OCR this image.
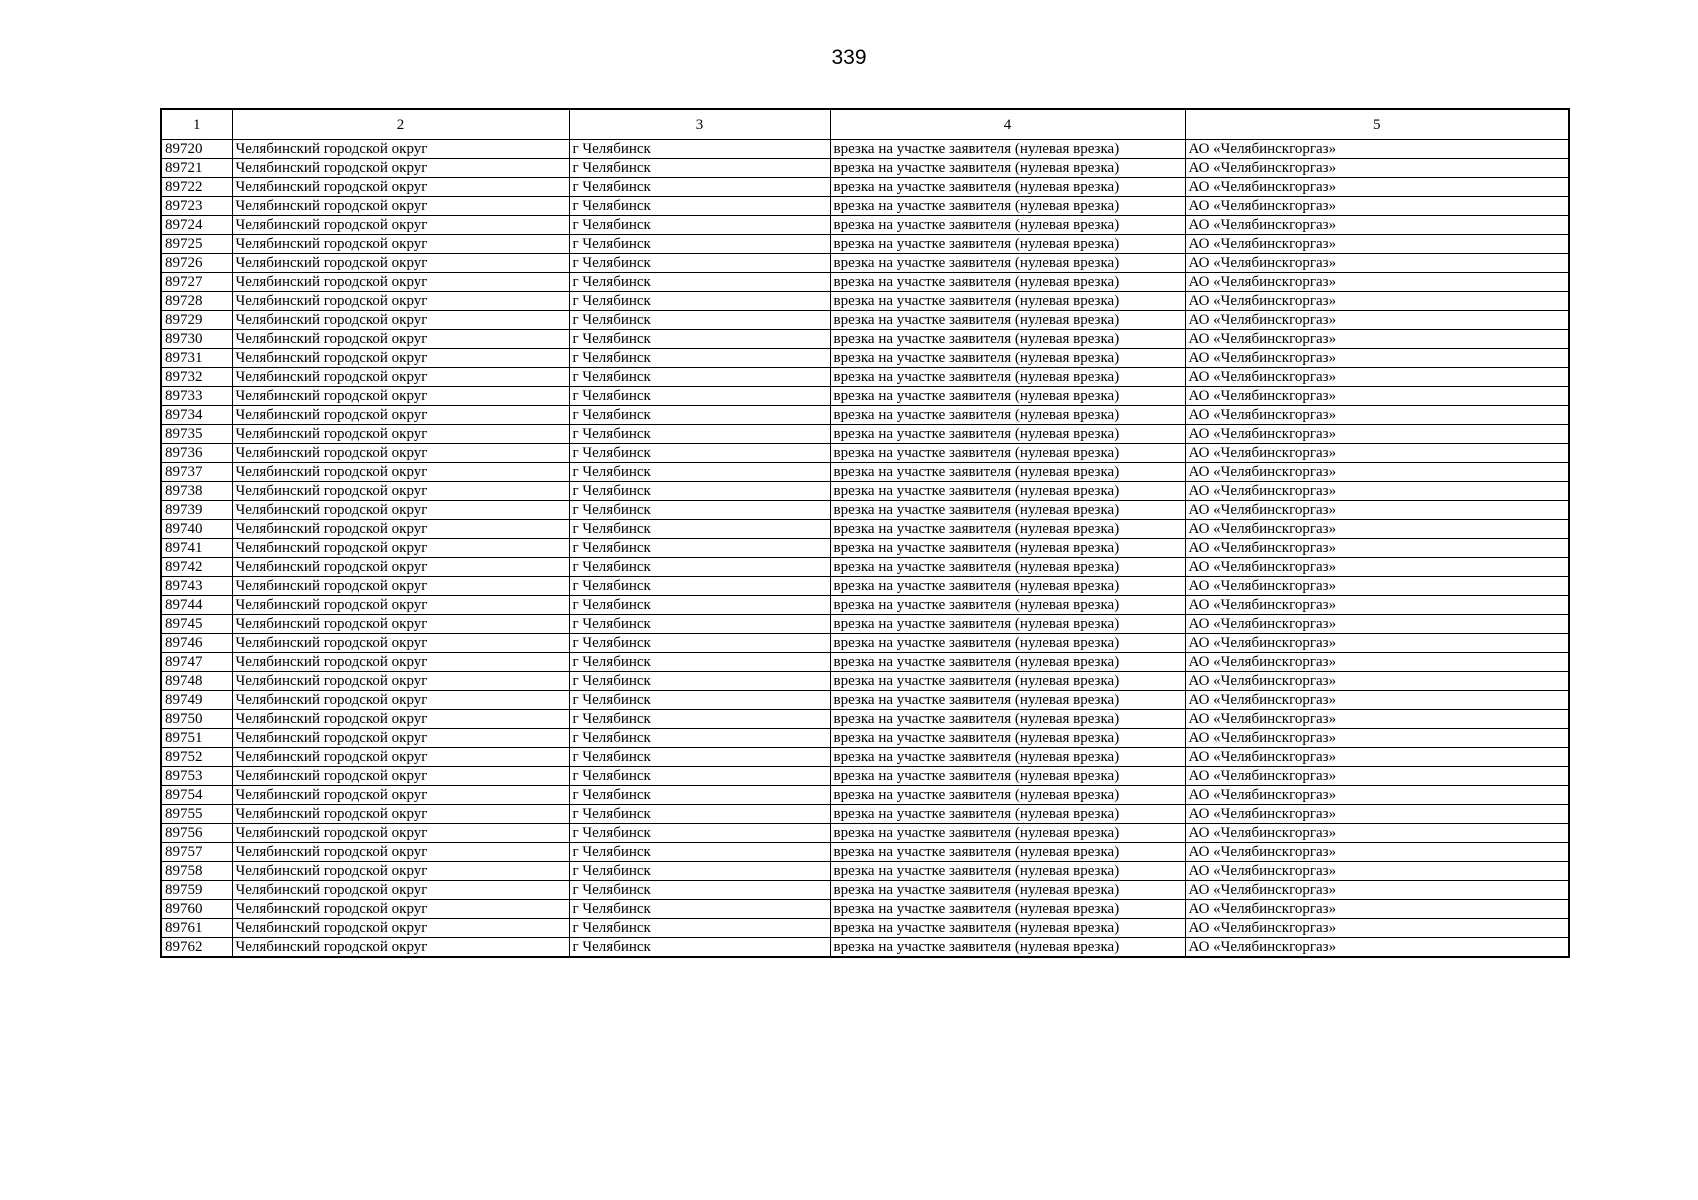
339
1	2	3	4	5
89720	Челябинский городской округ	г Челябинск	врезка на участке заявителя (нулевая врезка)	АО «Челябинскгоргаз»
89721	Челябинский городской округ	г Челябинск	врезка на участке заявителя (нулевая врезка)	АО «Челябинскгоргаз»
89722	Челябинский городской округ	г Челябинск	врезка на участке заявителя (нулевая врезка)	АО «Челябинскгоргаз»
89723	Челябинский городской округ	г Челябинск	врезка на участке заявителя (нулевая врезка)	АО «Челябинскгоргаз»
89724	Челябинский городской округ	г Челябинск	врезка на участке заявителя (нулевая врезка)	АО «Челябинскгоргаз»
89725	Челябинский городской округ	г Челябинск	врезка на участке заявителя (нулевая врезка)	АО «Челябинскгоргаз»
89726	Челябинский городской округ	г Челябинск	врезка на участке заявителя (нулевая врезка)	АО «Челябинскгоргаз»
89727	Челябинский городской округ	г Челябинск	врезка на участке заявителя (нулевая врезка)	АО «Челябинскгоргаз»
89728	Челябинский городской округ	г Челябинск	врезка на участке заявителя (нулевая врезка)	АО «Челябинскгоргаз»
89729	Челябинский городской округ	г Челябинск	врезка на участке заявителя (нулевая врезка)	АО «Челябинскгоргаз»
89730	Челябинский городской округ	г Челябинск	врезка на участке заявителя (нулевая врезка)	АО «Челябинскгоргаз»
89731	Челябинский городской округ	г Челябинск	врезка на участке заявителя (нулевая врезка)	АО «Челябинскгоргаз»
89732	Челябинский городской округ	г Челябинск	врезка на участке заявителя (нулевая врезка)	АО «Челябинскгоргаз»
89733	Челябинский городской округ	г Челябинск	врезка на участке заявителя (нулевая врезка)	АО «Челябинскгоргаз»
89734	Челябинский городской округ	г Челябинск	врезка на участке заявителя (нулевая врезка)	АО «Челябинскгоргаз»
89735	Челябинский городской округ	г Челябинск	врезка на участке заявителя (нулевая врезка)	АО «Челябинскгоргаз»
89736	Челябинский городской округ	г Челябинск	врезка на участке заявителя (нулевая врезка)	АО «Челябинскгоргаз»
89737	Челябинский городской округ	г Челябинск	врезка на участке заявителя (нулевая врезка)	АО «Челябинскгоргаз»
89738	Челябинский городской округ	г Челябинск	врезка на участке заявителя (нулевая врезка)	АО «Челябинскгоргаз»
89739	Челябинский городской округ	г Челябинск	врезка на участке заявителя (нулевая врезка)	АО «Челябинскгоргаз»
89740	Челябинский городской округ	г Челябинск	врезка на участке заявителя (нулевая врезка)	АО «Челябинскгоргаз»
89741	Челябинский городской округ	г Челябинск	врезка на участке заявителя (нулевая врезка)	АО «Челябинскгоргаз»
89742	Челябинский городской округ	г Челябинск	врезка на участке заявителя (нулевая врезка)	АО «Челябинскгоргаз»
89743	Челябинский городской округ	г Челябинск	врезка на участке заявителя (нулевая врезка)	АО «Челябинскгоргаз»
89744	Челябинский городской округ	г Челябинск	врезка на участке заявителя (нулевая врезка)	АО «Челябинскгоргаз»
89745	Челябинский городской округ	г Челябинск	врезка на участке заявителя (нулевая врезка)	АО «Челябинскгоргаз»
89746	Челябинский городской округ	г Челябинск	врезка на участке заявителя (нулевая врезка)	АО «Челябинскгоргаз»
89747	Челябинский городской округ	г Челябинск	врезка на участке заявителя (нулевая врезка)	АО «Челябинскгоргаз»
89748	Челябинский городской округ	г Челябинск	врезка на участке заявителя (нулевая врезка)	АО «Челябинскгоргаз»
89749	Челябинский городской округ	г Челябинск	врезка на участке заявителя (нулевая врезка)	АО «Челябинскгоргаз»
89750	Челябинский городской округ	г Челябинск	врезка на участке заявителя (нулевая врезка)	АО «Челябинскгоргаз»
89751	Челябинский городской округ	г Челябинск	врезка на участке заявителя (нулевая врезка)	АО «Челябинскгоргаз»
89752	Челябинский городской округ	г Челябинск	врезка на участке заявителя (нулевая врезка)	АО «Челябинскгоргаз»
89753	Челябинский городской округ	г Челябинск	врезка на участке заявителя (нулевая врезка)	АО «Челябинскгоргаз»
89754	Челябинский городской округ	г Челябинск	врезка на участке заявителя (нулевая врезка)	АО «Челябинскгоргаз»
89755	Челябинский городской округ	г Челябинск	врезка на участке заявителя (нулевая врезка)	АО «Челябинскгоргаз»
89756	Челябинский городской округ	г Челябинск	врезка на участке заявителя (нулевая врезка)	АО «Челябинскгоргаз»
89757	Челябинский городской округ	г Челябинск	врезка на участке заявителя (нулевая врезка)	АО «Челябинскгоргаз»
89758	Челябинский городской округ	г Челябинск	врезка на участке заявителя (нулевая врезка)	АО «Челябинскгоргаз»
89759	Челябинский городской округ	г Челябинск	врезка на участке заявителя (нулевая врезка)	АО «Челябинскгоргаз»
89760	Челябинский городской округ	г Челябинск	врезка на участке заявителя (нулевая врезка)	АО «Челябинскгоргаз»
89761	Челябинский городской округ	г Челябинск	врезка на участке заявителя (нулевая врезка)	АО «Челябинскгоргаз»
89762	Челябинский городской округ	г Челябинск	врезка на участке заявителя (нулевая врезка)	АО «Челябинскгоргаз»
